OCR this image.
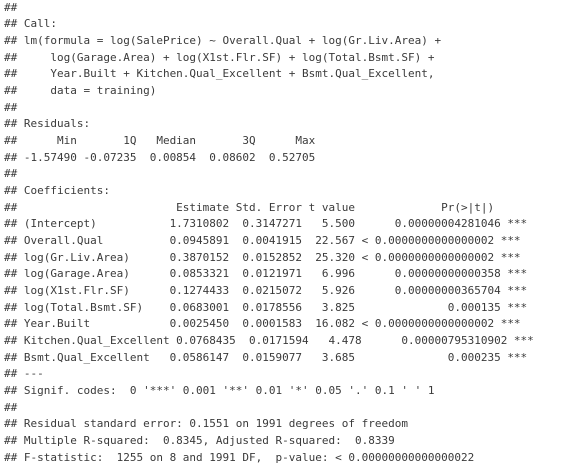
##
## Call:
## lm(formula = log(SalePrice) ~ Overall.Qual + log(Gr.Liv.Area) +
##     log(Garage.Area) + log(X1st.Flr.SF) + log(Total.Bsmt.SF) +
##     Year.Built + Kitchen.Qual_Excellent + Bsmt.Qual_Excellent,
##     data = training)
##
## Residuals:
##      Min       1Q   Median       3Q      Max
## -1.57490 -0.07235  0.00854  0.08602  0.52705
##
## Coefficients:
##                        Estimate Std. Error t value             Pr(>|t|)
## (Intercept)           1.7310802  0.3147271   5.500      0.00000004281046 ***
## Overall.Qual          0.0945891  0.0041915  22.567 < 0.0000000000000002 ***
## log(Gr.Liv.Area)      0.3870152  0.0152852  25.320 < 0.0000000000000002 ***
## log(Garage.Area)      0.0853321  0.0121971   6.996      0.00000000000358 ***
## log(X1st.Flr.SF)      0.1274433  0.0215072   5.926      0.00000000365704 ***
## log(Total.Bsmt.SF)    0.0683001  0.0178556   3.825              0.000135 ***
## Year.Built            0.0025450  0.0001583  16.082 < 0.0000000000000002 ***
## Kitchen.Qual_Excellent 0.0768435  0.0171594   4.478      0.00000795310902 ***
## Bsmt.Qual_Excellent   0.0586147  0.0159077   3.685              0.000235 ***
## ---
## Signif. codes:  0 '***' 0.001 '**' 0.01 '*' 0.05 '.' 0.1 ' ' 1
##
## Residual standard error: 0.1551 on 1991 degrees of freedom
## Multiple R-squared:  0.8345, Adjusted R-squared:  0.8339
## F-statistic:  1255 on 8 and 1991 DF,  p-value: < 0.00000000000000022
